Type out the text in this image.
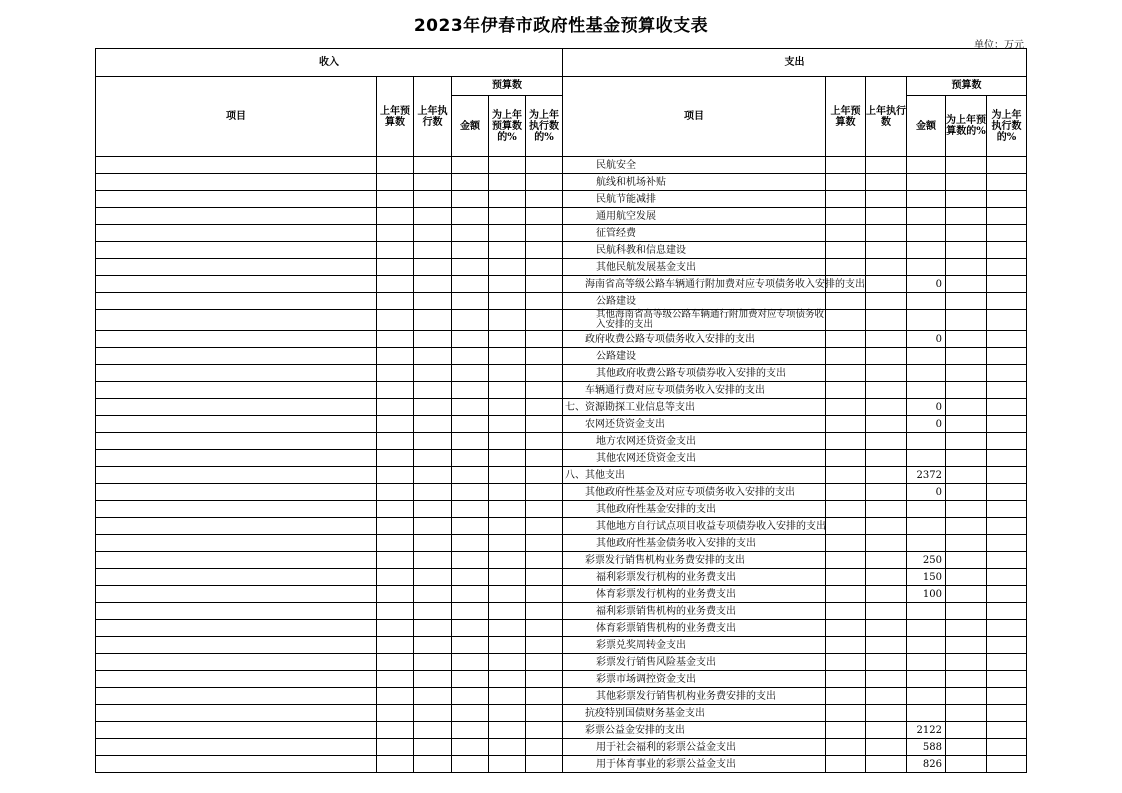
2023年伊春市政府性基金预算收支表
单位：万元
收入						支出					
项目	上年预算数	上年执行数	预算数			项目	上年预算数	上年执行数	预算数		
			金额	为上年预算数的%	为上年执行数的%				金额	为上年预算数的%	为上年执行数的%
						民航安全					
						航线和机场补贴					
						民航节能减排					
						通用航空发展					
						征管经费					
						民航科教和信息建设					
						其他民航发展基金支出					
						海南省高等级公路车辆通行附加费对应专项债务收入安排的支出			0		
						公路建设					
						其他海南省高等级公路车辆通行附加费对应专项债务收入安排的支出					
						政府收费公路专项债务收入安排的支出			0		
						公路建设					
						其他政府收费公路专项债券收入安排的支出					
						车辆通行费对应专项债务收入安排的支出					
						七、资源勘探工业信息等支出			0		
						农网还贷资金支出			0		
						地方农网还贷资金支出					
						其他农网还贷资金支出					
						八、其他支出			2372		
						其他政府性基金及对应专项债务收入安排的支出			0		
						其他政府性基金安排的支出					
						其他地方自行试点项目收益专项债券收入安排的支出					
						其他政府性基金债务收入安排的支出					
						彩票发行销售机构业务费安排的支出			250		
						福利彩票发行机构的业务费支出			150		
						体育彩票发行机构的业务费支出			100		
						福利彩票销售机构的业务费支出					
						体育彩票销售机构的业务费支出					
						彩票兑奖周转金支出					
						彩票发行销售风险基金支出					
						彩票市场调控资金支出					
						其他彩票发行销售机构业务费安排的支出					
						抗疫特别国债财务基金支出					
						彩票公益金安排的支出			2122		
						用于社会福利的彩票公益金支出			588		
						用于体育事业的彩票公益金支出			826		
